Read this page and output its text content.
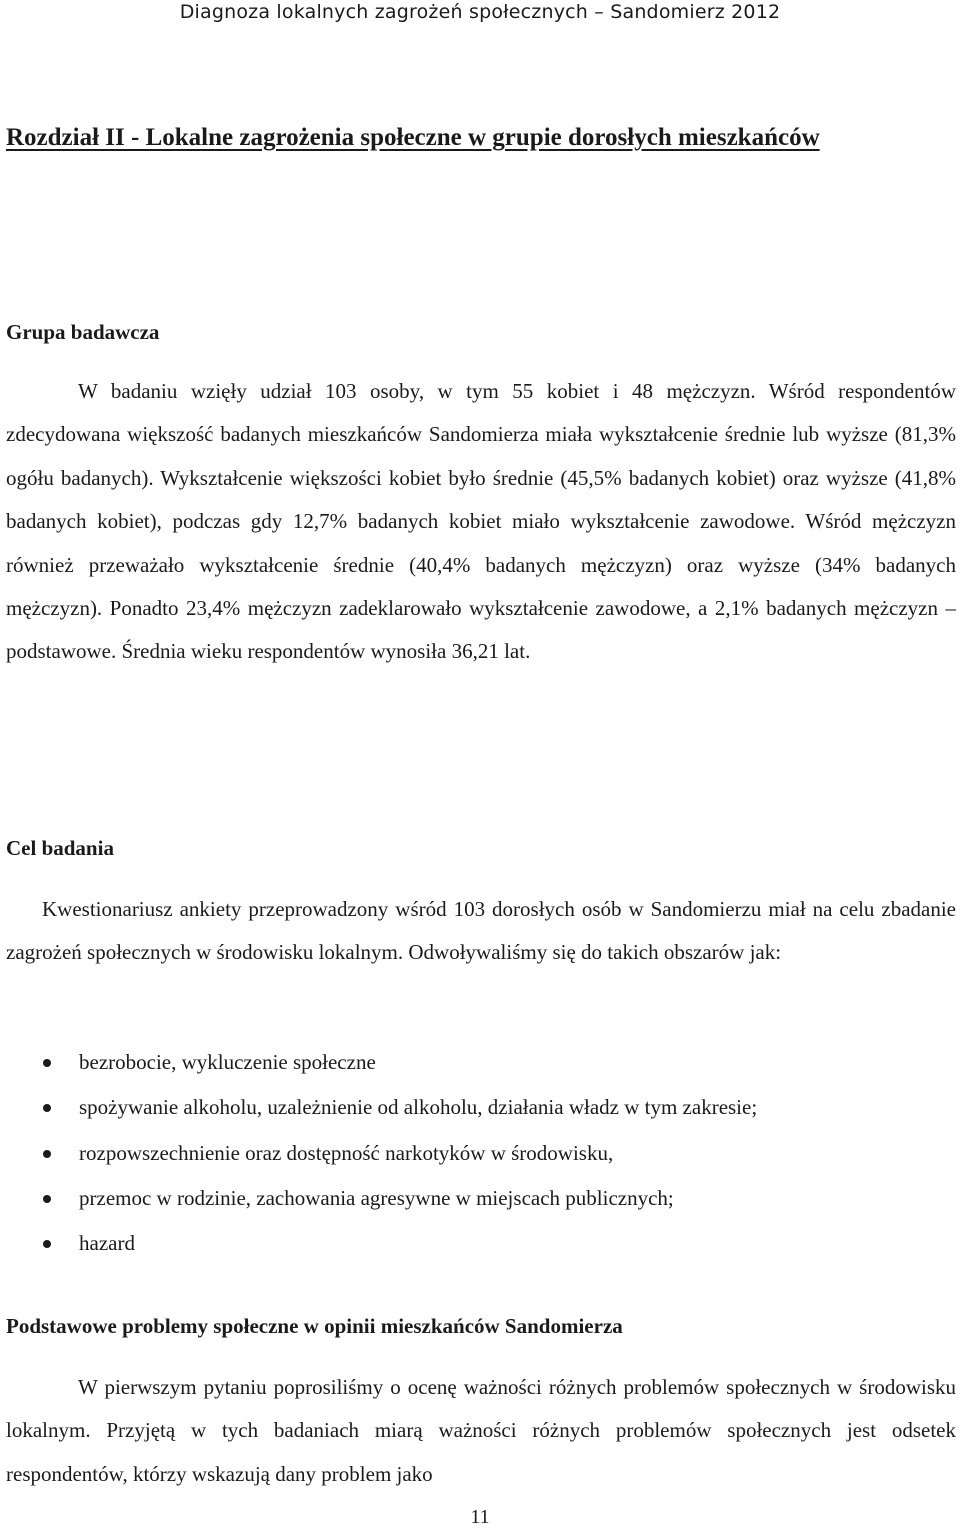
Diagnoza lokalnych zagrożeń społecznych – Sandomierz 2012
Rozdział II - Lokalne zagrożenia społeczne w grupie dorosłych mieszkańców
Grupa badawcza

W badaniu wzięły udział 103 osoby, w tym 55 kobiet i 48 mężczyzn. Wśród respondentów zdecydowana większość badanych mieszkańców Sandomierza miała wykształcenie średnie lub wyższe (81,3% ogółu badanych). Wykształcenie większości kobiet było średnie (45,5% badanych kobiet) oraz wyższe (41,8% badanych kobiet), podczas gdy 12,7% badanych kobiet miało wykształcenie zawodowe. Wśród mężczyzn również przeważało wykształcenie średnie (40,4% badanych mężczyzn) oraz wyższe (34% badanych mężczyzn). Ponadto 23,4% mężczyzn zadeklarowało wykształcenie zawodowe, a 2,1% badanych mężczyzn – podstawowe. Średnia wieku respondentów wynosiła 36,21 lat.

Cel badania

Kwestionariusz ankiety przeprowadzony wśród 103 dorosłych osób w Sandomierzu miał na celu zbadanie zagrożeń społecznych w środowisku lokalnym. Odwoływaliśmy się do takich obszarów jak:

bezrobocie, wykluczenie społeczne
spożywanie alkoholu, uzależnienie od alkoholu, działania władz w tym zakresie;
rozpowszechnienie oraz dostępność narkotyków w środowisku,
przemoc w rodzinie, zachowania agresywne w miejscach publicznych;
hazard
Podstawowe problemy społeczne w opinii mieszkańców Sandomierza

W pierwszym pytaniu poprosiliśmy o ocenę ważności różnych problemów społecznych w środowisku lokalnym. Przyjętą w tych badaniach miarą ważności różnych problemów społecznych jest odsetek respondentów, którzy wskazują dany problem jako

11
